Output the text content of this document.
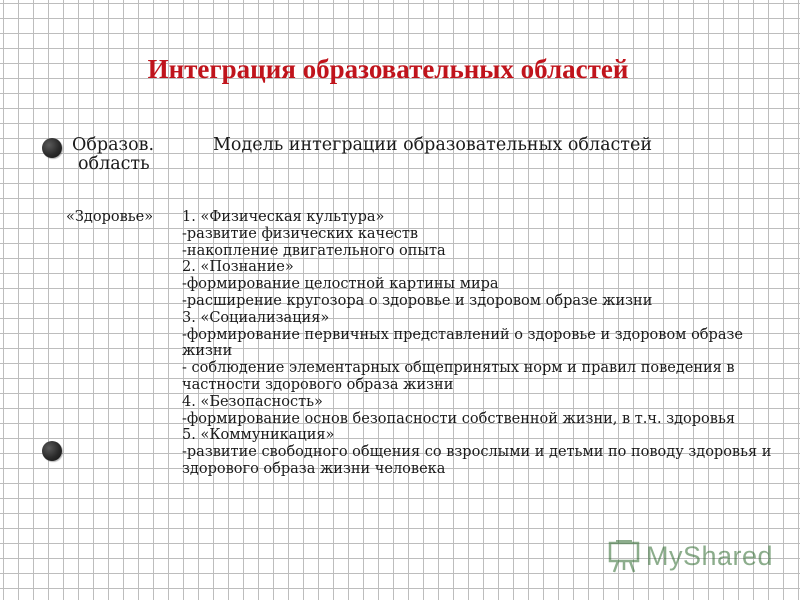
Интеграция образовательных областей
Образов.
область
Модель интеграции образовательных областей
«Здоровье» 1. «Физическая культура»
-развитие физических качеств
-накопление двигательного опыта
2. «Познание»
-формирование целостной картины мира
-расширение кругозора о здоровье и здоровом образе жизни
3. «Социализация»
-формирование первичных представлений о здоровье и здоровом образе жизни
- соблюдение элементарных общепринятых норм и правил поведения в частности здорового образа жизни
4. «Безопасность»
-формирование основ безопасности собственной жизни, в т.ч. здоровья
5. «Коммуникация»
-развитие свободного общения со взрослыми и детьми по поводу здоровья и здорового образа жизни человека
MyShared
